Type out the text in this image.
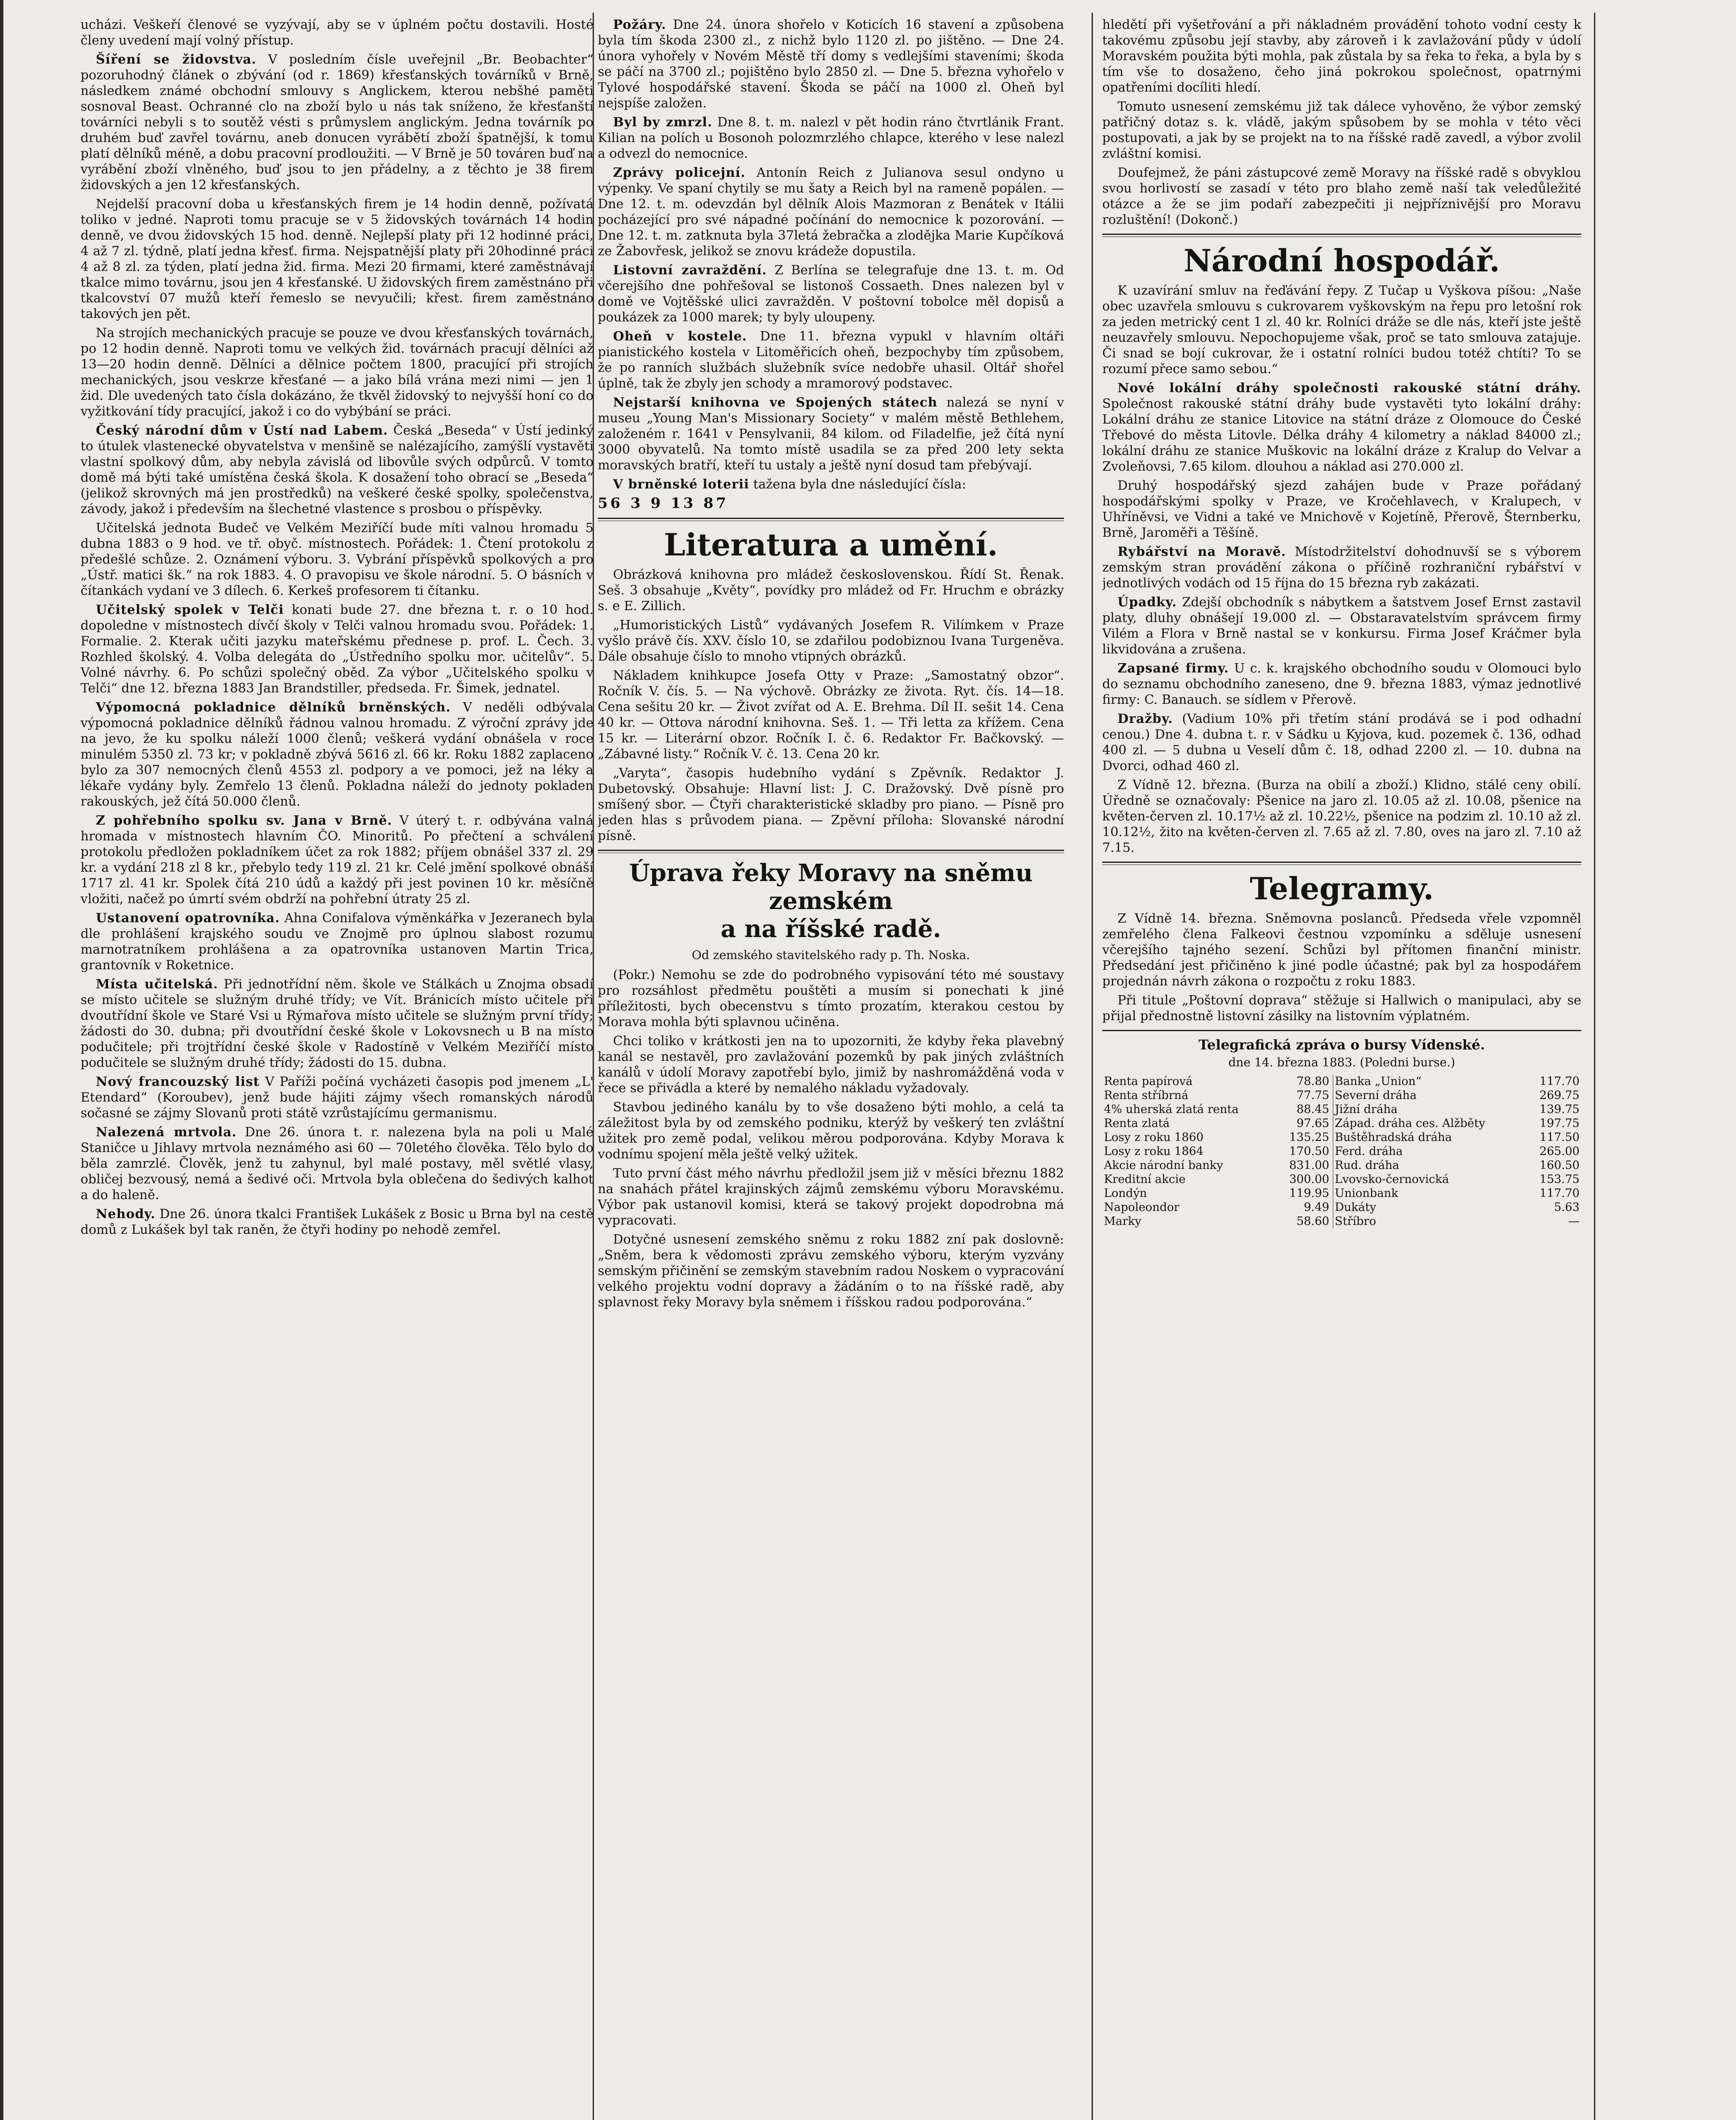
ucházi. Veškeří členové se vyzývají, aby se v úplném počtu dostavili. Hosté členy uvedení mají volný přístup.

Šíření se židovstva. V posledním čísle uveřejnil „Br. Beobachter“ pozoruhodný článek o zbývání (od r. 1869) křesťanských továrníků v Brně, následkem známé obchodní smlouvy s Anglickem, kterou nebšhé paměti sosnoval Beast. Ochranné clo na zboží bylo u nás tak sníženo, že křesťanští továrníci nebyli s to soutěž vésti s průmyslem anglickým. Jedna továrník po druhém buď zavřel továrnu, aneb donucen vyrábětí zboží špatnější, k tomu platí dělníků méně, a dobu pracovní prodloužiti. — V Brně je 50 továren buď na vyrábění zboží vlněného, buď jsou to jen přádelny, a z těchto je 38 firem židovských a jen 12 křesťanských.

Nejdelší pracovní doba u křesťanských firem je 14 hodin denně, požívatá toliko v jedné. Naproti tomu pracuje se v 5 židovských továrnách 14 hodin denně, ve dvou židovských 15 hod. denně. Nejlepší platy při 12 hodinné práci, 4 až 7 zl. týdně, platí jedna křesť. firma. Nejspatnější platy při 20hodinné práci 4 až 8 zl. za týden, platí jedna žid. firma. Mezi 20 firmami, které zaměstnávají tkalce mimo továrnu, jsou jen 4 křesťanské. U židovských firem zaměstnáno při tkalcovství 07 mužů kteří řemeslo se nevyučili; křest. firem zaměstnáno takových jen pět.

Na strojích mechanických pracuje se pouze ve dvou křesťanských továrnách, po 12 hodin denně. Naproti tomu ve velkých žid. továrnách pracují dělníci až 13—20 hodin denně. Dělníci a dělnice počtem 1800, pracující při strojích mechanických, jsou veskrze křesťané — a jako bílá vrána mezi nimi — jen 1 žid. Dle uvedených tato čísla dokázáno, že tkvěl židovský to nejvyšší honí co do vyžitkování tídy pracující, jakož i co do vybýbání se práci.

Český národní dům v Ústí nad Labem. Česká „Beseda“ v Ústí jedinký to útulek vlastenecké obyvatelstva v menšině se nalézajícího, zamýšlí vystavěti vlastní spolkový dům, aby nebyla závislá od libovůle svých odpůrců. V tomto domě má býti také umístěna česká škola. K dosažení toho obrací se „Beseda“ (jelikož skrovných má jen prostředků) na veškeré české spolky, společenstva, závody, jakož i především na šlechetné vlastence s prosbou o příspěvky.

Učitelská jednota Budeč ve Velkém Meziříčí bude míti valnou hromadu 5 dubna 1883 o 9 hod. ve tř. obyč. místnostech. Pořádek: 1. Čtení protokolu z předešlé schůze. 2. Oznámení výboru. 3. Vybrání příspěvků spolkových a pro „Ústř. matici šk.“ na rok 1883. 4. O pravopisu ve škole národní. 5. O básních v čítankách vydaní ve 3 dílech. 6. Kerkeš profesorem ti čítanku.

Učitelský spolek v Telči konati bude 27. dne března t. r. o 10 hod. dopoledne v místnostech dívčí školy v Telči valnou hromadu svou. Pořádek: 1. Formalie. 2. Kterak učiti jazyku mateřskému přednese p. prof. L. Čech. 3. Rozhled školský. 4. Volba delegáta do „Ústředního spolku mor. učitelův“. 5. Volné návrhy. 6. Po schůzi společný oběd. Za výbor „Učitelského spolku v Telči“ dne 12. března 1883 Jan Brandstiller, předseda. Fr. Šimek, jednatel.

Výpomocná pokladnice dělníků brněnských. V neděli odbývala výpomocná pokladnice dělníků řádnou valnou hromadu. Z výroční zprávy jde na jevo, že ku spolku náleží 1000 členů; veškerá vydání obnášela v roce minulém 5350 zl. 73 kr; v pokladně zbývá 5616 zl. 66 kr. Roku 1882 zaplaceno bylo za 307 nemocných členů 4553 zl. podpory a ve pomoci, jež na léky a lékaře vydány byly. Zemřelo 13 členů. Pokladna náleží do jednoty pokladen rakouských, jež čítá 50.000 členů.

Z pohřebního spolku sv. Jana v Brně. V úterý t. r. odbývána valná hromada v místnostech hlavním ČO. Minoritů. Po přečtení a schválení protokolu předložen pokladníkem účet za rok 1882; příjem obnášel 337 zl. 29 kr. a vydání 218 zl 8 kr., přebylo tedy 119 zl. 21 kr. Celé jmění spolkové obnáší 1717 zl. 41 kr. Spolek čítá 210 údů a každý při jest povinen 10 kr. měsíčně vložiti, načež po úmrtí svém obdrží na pohřební útraty 25 zl.

Ustanovení opatrovníka. Ahna Conifalova výměnkářka v Jezeranech byla dle prohlášení krajského soudu ve Znojmě pro úplnou slabost rozumu marnotratníkem prohlášena a za opatrovníka ustanoven Martin Trica, grantovník v Roketnice.

Místa učitelská. Při jednotřídní něm. škole ve Stálkách u Znojma obsadí se místo učitele se služným druhé třídy; ve Vít. Bránicích místo učitele při dvoutřídní škole ve Staré Vsi u Rýmařova místo učitele se služným první třídy; žádosti do 30. dubna; při dvoutřídní české škole v Lokovsnech u B na místo podučitele; při trojtřídní české škole v Radostíně v Velkém Meziříčí místo podučitele se služným druhé třídy; žádosti do 15. dubna.

Nový francouzský list V Paříži počíná vycházeti časopis pod jmenem „L' Etendard“ (Koroubev), jenž bude hájiti zájmy všech romanských národů sočasné se zájmy Slovanů proti státě vzrůstajícímu germanismu.

Nalezená mrtvola. Dne 26. února t. r. nalezena byla na poli u Malé Staničce u Jihlavy mrtvola neznámého asi 60 — 70letého člověka. Tělo bylo do běla zamrzlé. Člověk, jenž tu zahynul, byl malé postavy, měl světlé vlasy, obličej bezvousý, nemá a šedivé oči. Mrtvola byla oblečena do šedivých kalhot a do haleně.

Nehody. Dne 26. února tkalci František Lukášek z Bosic u Brna byl na cestě domů z Lukášek byl tak raněn, že čtyři hodiny po nehodě zemřel.

Požáry. Dne 24. února shořelo v Koticích 16 stavení a způsobena byla tím škoda 2300 zl., z nichž bylo 1120 zl. po jištěno. — Dne 24. února vyhořely v Novém Městě tří domy s vedlejšími staveními; škoda se páčí na 3700 zl.; pojištěno bylo 2850 zl. — Dne 5. března vyhořelo v Tylové hospodářské stavení. Škoda se páčí na 1000 zl. Oheň byl nejspíše založen.

Byl by zmrzl. Dne 8. t. m. nalezl v pět hodin ráno čtvrtlánik Frant. Kilian na polích u Bosonoh polozmrzlého chlapce, kterého v lese nalezl a odvezl do nemocnice.

Zprávy policejní. Antonín Reich z Julianova sesul ondyno u výpenky. Ve spaní chytily se mu šaty a Reich byl na rameně popálen. — Dne 12. t. m. odevzdán byl dělník Alois Mazmoran z Benátek v Itálii pocházející pro své nápadné počínání do nemocnice k pozorování. — Dne 12. t. m. zatknuta byla 37letá žebračka a zlodějka Marie Kupčíková ze Žabovřesk, jelikož se znovu krádeže dopustila.

Listovní zavraždění. Z Berlína se telegrafuje dne 13. t. m. Od včerejšího dne pohřešoval se listonoš Cossaeth. Dnes nalezen byl v domě ve Vojtěšské ulici zavražděn. V poštovní tobolce měl dopisů a poukázek za 1000 marek; ty byly uloupeny.

Oheň v kostele. Dne 11. března vypukl v hlavním oltáři pianistického kostela v Litoměřicích oheň, bezpochyby tím způsobem, že po ranních službách služebník svíce nedobře uhasil. Oltář shořel úplně, tak že zbyly jen schody a mramorový podstavec.

Nejstarší knihovna ve Spojených státech nalezá se nyní v museu „Young Man's Missionary Society“ v malém městě Bethlehem, založeném r. 1641 v Pensylvanii, 84 kilom. od Filadelfie, jež čítá nyní 3000 obyvatelů. Na tomto místě usadila se za před 200 lety sekta moravských bratří, kteří tu ustaly a ještě nyní dosud tam přebývají.

V brněnské loterii tažena byla dne následující čísla:

56 3 9 13 87

Literatura a umění.

Obrázková knihovna pro mládež československou. Řídí St. Řenak. Seš. 3 obsahuje „Květy“, povídky pro mládež od Fr. Hruchm e obrázky s. e E. Zillich.

„Humoristických Listů“ vydávaných Josefem R. Vilímkem v Praze vyšlo právě čís. XXV. číslo 10, se zdařilou podobiznou Ivana Turgeněva. Dále obsahuje číslo to mnoho vtipných obrázků.

Nákladem knihkupce Josefa Otty v Praze: „Samostatný obzor“. Ročník V. čís. 5. — Na výchově. Obrázky ze života. Ryt. čís. 14—18. Cena sešitu 20 kr. — Život zvířat od A. E. Brehma. Díl II. sešit 14. Cena 40 kr. — Ottova národní knihovna. Seš. 1. — Tři letta za křížem. Cena 15 kr. — Literární obzor. Ročník I. č. 6. Redaktor Fr. Bačkovský. — „Zábavné listy.“ Ročník V. č. 13. Cena 20 kr.

„Varyta“, časopis hudebního vydání s Zpěvník. Redaktor J. Dubetovský. Obsahuje: Hlavní list: J. C. Dražovský. Dvě písně pro smíšený sbor. — Čtyři charakteristické skladby pro piano. — Písně pro jeden hlas s průvodem piana. — Zpěvní příloha: Slovanské národní písně.

Úprava řeky Moravy na sněmu zemském
a na říšské radě.
Od zemského stavitelského rady p. Th. Noska.

(Pokr.) Nemohu se zde do podrobného vypisování této mé soustavy pro rozsáhlost předmětu pouštěti a musím si ponechati k jiné příležitosti, bych obecenstvu s tímto prozatím, kterakou cestou by Morava mohla býti splavnou učiněna.

Chci toliko v krátkosti jen na to upozorniti, že kdyby řeka plavebný kanál se nestavěl, pro zavlažování pozemků by pak jiných zvláštních kanálů v údolí Moravy zapotřebí bylo, jimiž by nashromážděná voda v řece se přivádla a které by nemalého nákladu vyžadovaly.

Stavbou jediného kanálu by to vše dosaženo býti mohlo, a celá ta záležitost byla by od zemského podniku, kterýž by veškerý ten zvláštní užitek pro země podal, velikou měrou podporována. Kdyby Morava k vodnímu spojení měla ještě velký užitek.

Tuto první část mého návrhu předložil jsem již v měsíci březnu 1882 na snahách přátel krajinských zájmů zemskému výboru Moravskému. Výbor pak ustanovil komisi, která se takový projekt dopodrobna má vypracovati.

Dotyčné usnesení zemského sněmu z roku 1882 zní pak doslovně: „Sněm, bera k vědomosti zprávu zemského výboru, kterým vyzvány semským přičinění se zemským stavebním radou Noskem o vypracování velkého projektu vodní dopravy a žádáním o to na říšské radě, aby splavnost řeky Moravy byla sněmem i říšskou radou podporována.“

hledětí při vyšetřování a při nákladném provádění tohoto vodní cesty k takovému způsobu její stavby, aby zároveň i k zavlažování půdy v údolí Moravském použita býti mohla, pak zůstala by sa řeka to řeka, a byla by s tím vše to dosaženo, čeho jiná pokrokou společnost, opatrnými opatřeními docíliti hledí.

Tomuto usnesení zemskému již tak dálece vyhověno, že výbor zemský patřičný dotaz s. k. vládě, jakým spůsobem by se mohla v této věci postupovati, a jak by se projekt na to na říšské radě zavedl, a výbor zvolil zvláštní komisi.

Doufejmež, že páni zástupcové země Moravy na říšské radě s obvyklou svou horlivostí se zasadí v této pro blaho země naší tak veledůležité otázce a že se jim podaří zabezpečiti ji nejpříznivější pro Moravu rozluštění! (Dokonč.)

Národní hospodář.

K uzavírání smluv na řeďávání řepy. Z Tučap u Vyškova píšou: „Naše obec uzavřela smlouvu s cukrovarem vyškovským na řepu pro letošní rok za jeden metrický cent 1 zl. 40 kr. Rolníci dráže se dle nás, kteří jste ještě neuzavřely smlouvu. Nepochopujeme však, proč se tato smlouva zatajuje. Či snad se bojí cukrovar, že i ostatní rolníci budou totéž chtíti? To se rozumí přece samo sebou.“

Nové lokální dráhy společnosti rakouské státní dráhy. Společnost rakouské státní dráhy bude vystavěti tyto lokální dráhy: Lokální dráhu ze stanice Litovice na státní dráze z Olomouce do České Třebové do města Litovle. Délka dráhy 4 kilometry a náklad 84000 zl.; lokální dráhu ze stanice Muškovic na lokální dráze z Kralup do Velvar a Zvoleňovsi, 7.65 kilom. dlouhou a náklad asi 270.000 zl.

Druhý hospodářský sjezd zahájen bude v Praze pořádaný hospodářskými spolky v Praze, ve Kročehlavech, v Kralupech, v Uhříněvsi, ve Vidni a také ve Mnichově v Kojetíně, Přerově, Šternberku, Brně, Jaroměři a Těšíně.

Rybářství na Moravě. Místodržitelství dohodnuvší se s výborem zemským stran provádění zákona o příčině rozhraniční rybářství v jednotlivých vodách od 15 října do 15 března ryb zakázati.

Úpadky. Zdejší obchodník s nábytkem a šatstvem Josef Ernst zastavil platy, dluhy obnášejí 19.000 zl. — Obstaravatelstvím správcem firmy Vilém a Flora v Brně nastal se v konkursu. Firma Josef Kráčmer byla likvidována a zrušena.

Zapsané firmy. U c. k. krajského obchodního soudu v Olomouci bylo do seznamu obchodního zaneseno, dne 9. března 1883, výmaz jednotlivé firmy: C. Banauch. se sídlem v Přerově.

Dražby. (Vadium 10% při třetím stání prodává se i pod odhadní cenou.) Dne 4. dubna t. r. v Sádku u Kyjova, kud. pozemek č. 136, odhad 400 zl. — 5 dubna u Veselí dům č. 18, odhad 2200 zl. — 10. dubna na Dvorci, odhad 460 zl.

Z Vídně 12. března. (Burza na obilí a zboží.) Klidno, stálé ceny obilí. Úředně se označovaly: Pšenice na jaro zl. 10.05 až zl. 10.08, pšenice na květen-červen zl. 10.17½ až zl. 10.22½, pšenice na podzim zl. 10.10 až zl. 10.12½, žito na květen-červen zl. 7.65 až zl. 7.80, oves na jaro zl. 7.10 až 7.15.

Telegramy.

Z Vídně 14. března. Sněmovna poslanců. Předseda vřele vzpomněl zemřelého člena Falkeovi čestnou vzpomínku a sděluje usnesení včerejšího tajného sezení. Schůzi byl přítomen finanční ministr. Předsedání jest přičiněno k jiné podle účastné; pak byl za hospodářem projednán návrh zákona o rozpočtu z roku 1883.

Při titule „Poštovní doprava“ stěžuje si Hallwich o manipulaci, aby se přijal přednostně listovní zásilky na listovním výplatném.

Telegrafická zpráva o bursy Vídenské.
dne 14. března 1883. (Poledni burse.)
Renta papírová	78.80	Banka „Union“	117.70
Renta stříbrná	77.75	Severní dráha	269.75
4% uherská zlatá renta	88.45	Jižní dráha	139.75
Renta zlatá	97.65	Západ. dráha ces. Alžběty	197.75
Losy z roku 1860	135.25	Buštěhradská dráha	117.50
Losy z roku 1864	170.50	Ferd. dráha	265.00
Akcie národní banky	831.00	Rud. dráha	160.50
Kreditní akcie	300.00	Lvovsko-černovická	153.75
Londýn	119.95	Unionbank	117.70
Napoleondor	9.49	Dukáty	5.63
Marky	58.60	Stříbro	—
